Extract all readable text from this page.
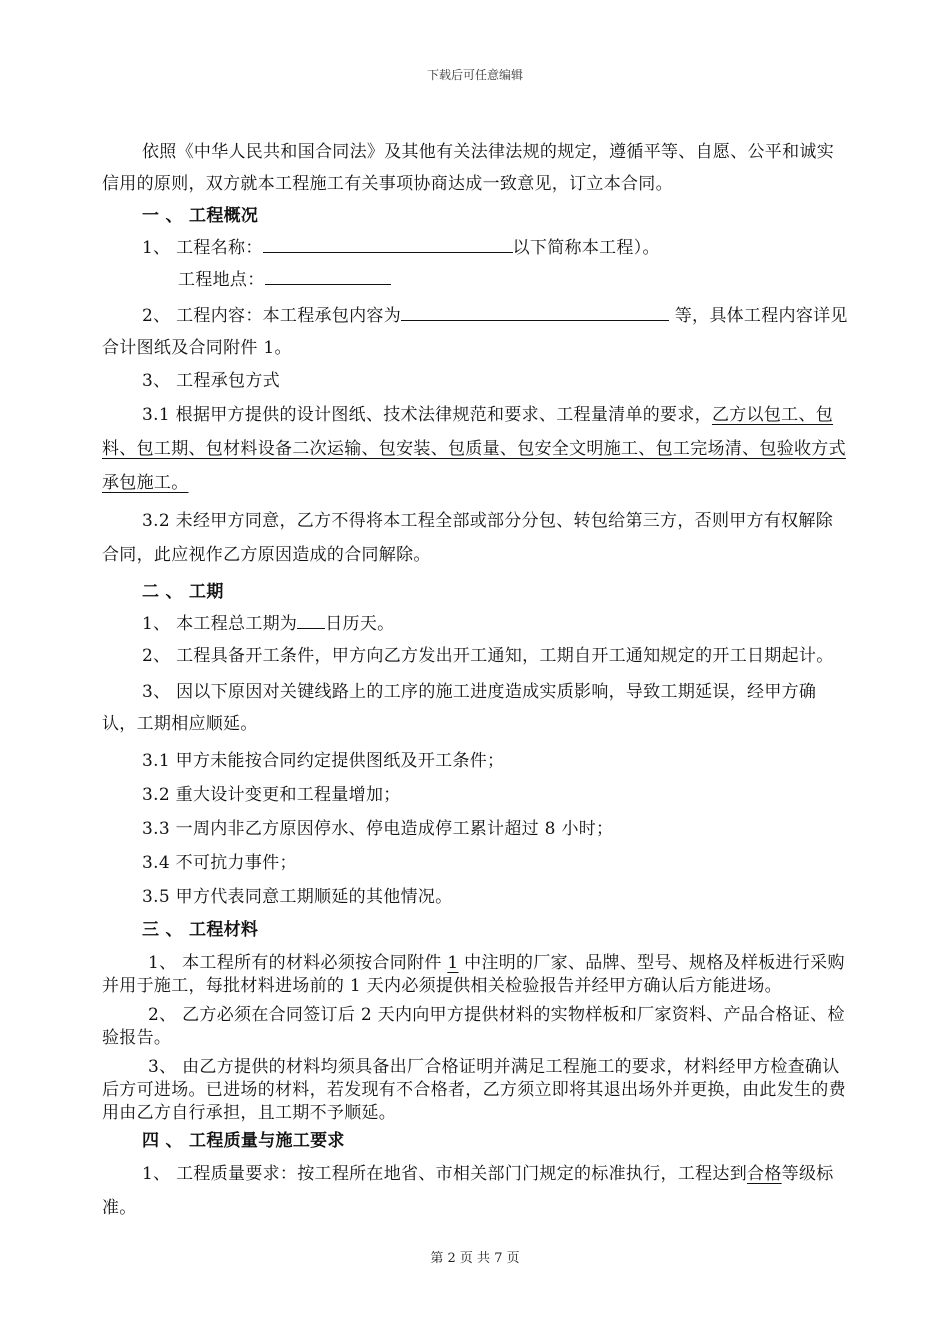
下载后可任意编辑

依照《中华人民共和国合同法》及其他有关法律法规的规定，遵循平等、自愿、公平和诚实信用的原则，双方就本工程施工有关事项协商达成一致意见，订立本合同。

一 、 工程概况

1、 工程名称：	以下简称本工程）。

工程地点：

2、 工程内容：本工程承包内容为	等，具体工程内容详见合计图纸及合同附件 1。

3、 工程承包方式

3.1 根据甲方提供的设计图纸、技术法律规范和要求、工程量清单的要求，乙方以包工、包料、包工期、包材料设备二次运输、包安装、包质量、包安全文明施工、包工完场清、包验收方式承包施工。

3.2 未经甲方同意，乙方不得将本工程全部或部分分包、转包给第三方，否则甲方有权解除合同，此应视作乙方原因造成的合同解除。

二 、 工期

1、 本工程总工期为 日历天。

2、 工程具备开工条件，甲方向乙方发出开工通知，工期自开工通知规定的开工日期起计。

3、 因以下原因对关键线路上的工序的施工进度造成实质影响，导致工期延误，经甲方确认，工期相应顺延。

3.1 甲方未能按合同约定提供图纸及开工条件；

3.2 重大设计变更和工程量增加；

3.3 一周内非乙方原因停水、停电造成停工累计超过 8 小时；

3.4 不可抗力事件；

3.5 甲方代表同意工期顺延的其他情况。

三 、 工程材料

1、 本工程所有的材料必须按合同附件 1 中注明的厂家、品牌、型号、规格及样板进行采购并用于施工，每批材料进场前的 1 天内必须提供相关检验报告并经甲方确认后方能进场。

2、 乙方必须在合同签订后 2 天内向甲方提供材料的实物样板和厂家资料、产品合格证、检验报告。

3、 由乙方提供的材料均须具备出厂合格证明并满足工程施工的要求，材料经甲方检查确认后方可进场。已进场的材料，若发现有不合格者，乙方须立即将其退出场外并更换，由此发生的费用由乙方自行承担，且工期不予顺延。

四 、 工程质量与施工要求

1、 工程质量要求：按工程所在地省、市相关部门门规定的标准执行，工程达到合格等级标准。

第 2 页 共 7 页
